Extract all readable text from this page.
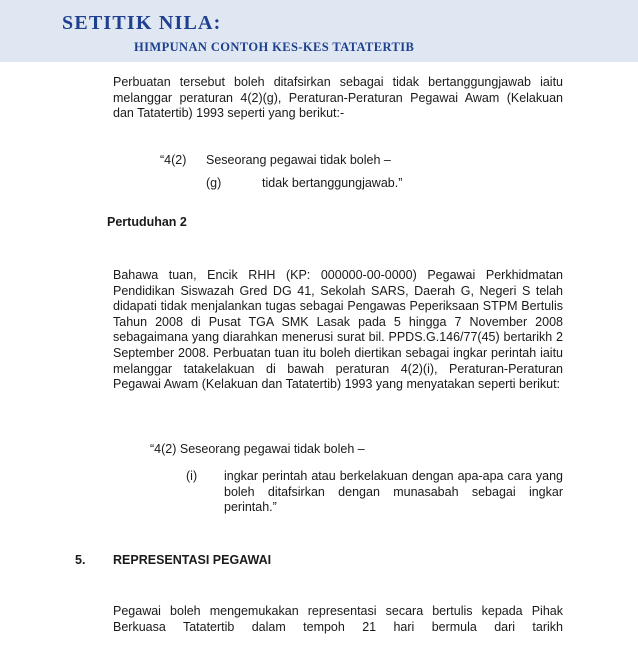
SETITIK NILA:
HIMPUNAN CONTOH KES-KES TATATERTIB

Perbuatan tersebut boleh ditafsirkan sebagai tidak bertanggungjawab iaitu melanggar peraturan 4(2)(g), Peraturan-Peraturan Pegawai Awam (Kelakuan dan Tatatertib) 1993 seperti yang berikut:-

“4(2) Seseorang pegawai tidak boleh –
(g)	tidak bertanggungjawab.”
Pertuduhan 2

Bahawa tuan, Encik RHH (KP: 000000-00-0000) Pegawai Perkhidmatan Pendidikan Siswazah Gred DG 41, Sekolah SARS, Daerah G, Negeri S telah didapati tidak menjalankan tugas sebagai Pengawas Peperiksaan STPM Bertulis Tahun 2008 di Pusat TGA SMK Lasak pada 5 hingga 7 November 2008 sebagaimana yang diarahkan menerusi surat bil. PPDS.G.146/77(45) bertarikh 2 September 2008. Perbuatan tuan itu boleh diertikan sebagai ingkar perintah iaitu melanggar tatakelakuan di bawah peraturan 4(2)(i), Peraturan-Peraturan Pegawai Awam (Kelakuan dan Tatatertib) 1993 yang menyatakan seperti berikut:

“4(2) Seseorang pegawai tidak boleh –
(i) ingkar perintah atau berkelakuan dengan apa-apa cara yang boleh ditafsirkan dengan munasabah sebagai ingkar perintah.”

5. REPRESENTASI PEGAWAI

Pegawai boleh mengemukakan representasi secara bertulis kepada Pihak Berkuasa Tatatertib dalam tempoh 21 hari bermula dari tarikh
